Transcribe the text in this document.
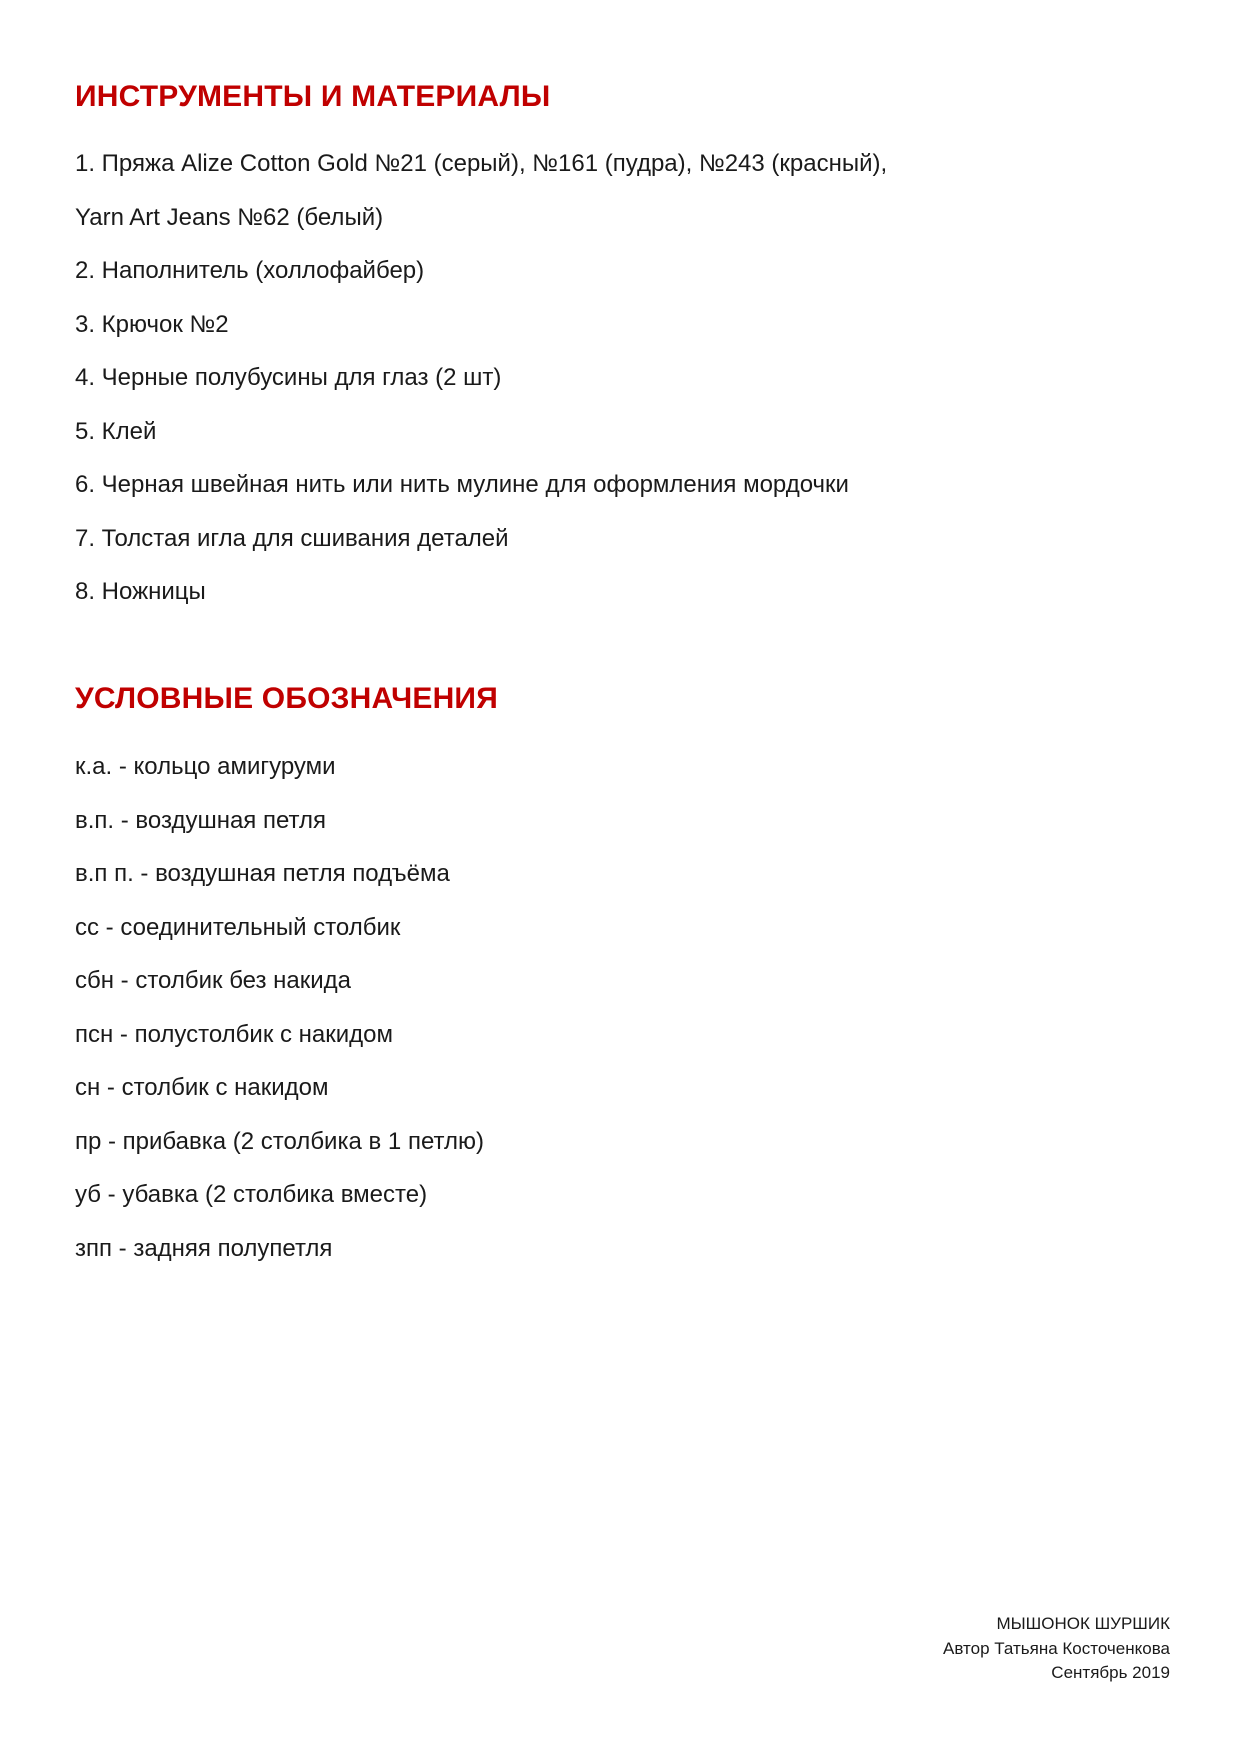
ИНСТРУМЕНТЫ И МАТЕРИАЛЫ
1. Пряжа Alize Cotton Gold №21 (серый), №161 (пудра), №243 (красный),
Yarn Art Jeans №62 (белый)
2. Наполнитель (холлофайбер)
3. Крючок №2
4. Черные полубусины для глаз (2 шт)
5. Клей
6. Черная швейная нить или нить мулине для оформления мордочки
7. Толстая игла для сшивания деталей
8. Ножницы
УСЛОВНЫЕ ОБОЗНАЧЕНИЯ
к.а. - кольцо амигуруми
в.п. - воздушная петля
в.п п. - воздушная петля подъёма
сс - соединительный столбик
сбн - столбик без накида
псн - полустолбик с накидом
сн - столбик с накидом
пр - прибавка (2 столбика в 1 петлю)
уб - убавка (2 столбика вместе)
зпп - задняя полупетля
МЫШОНОК ШУРШИК
Автор Татьяна Косточенкова
Сентябрь 2019
